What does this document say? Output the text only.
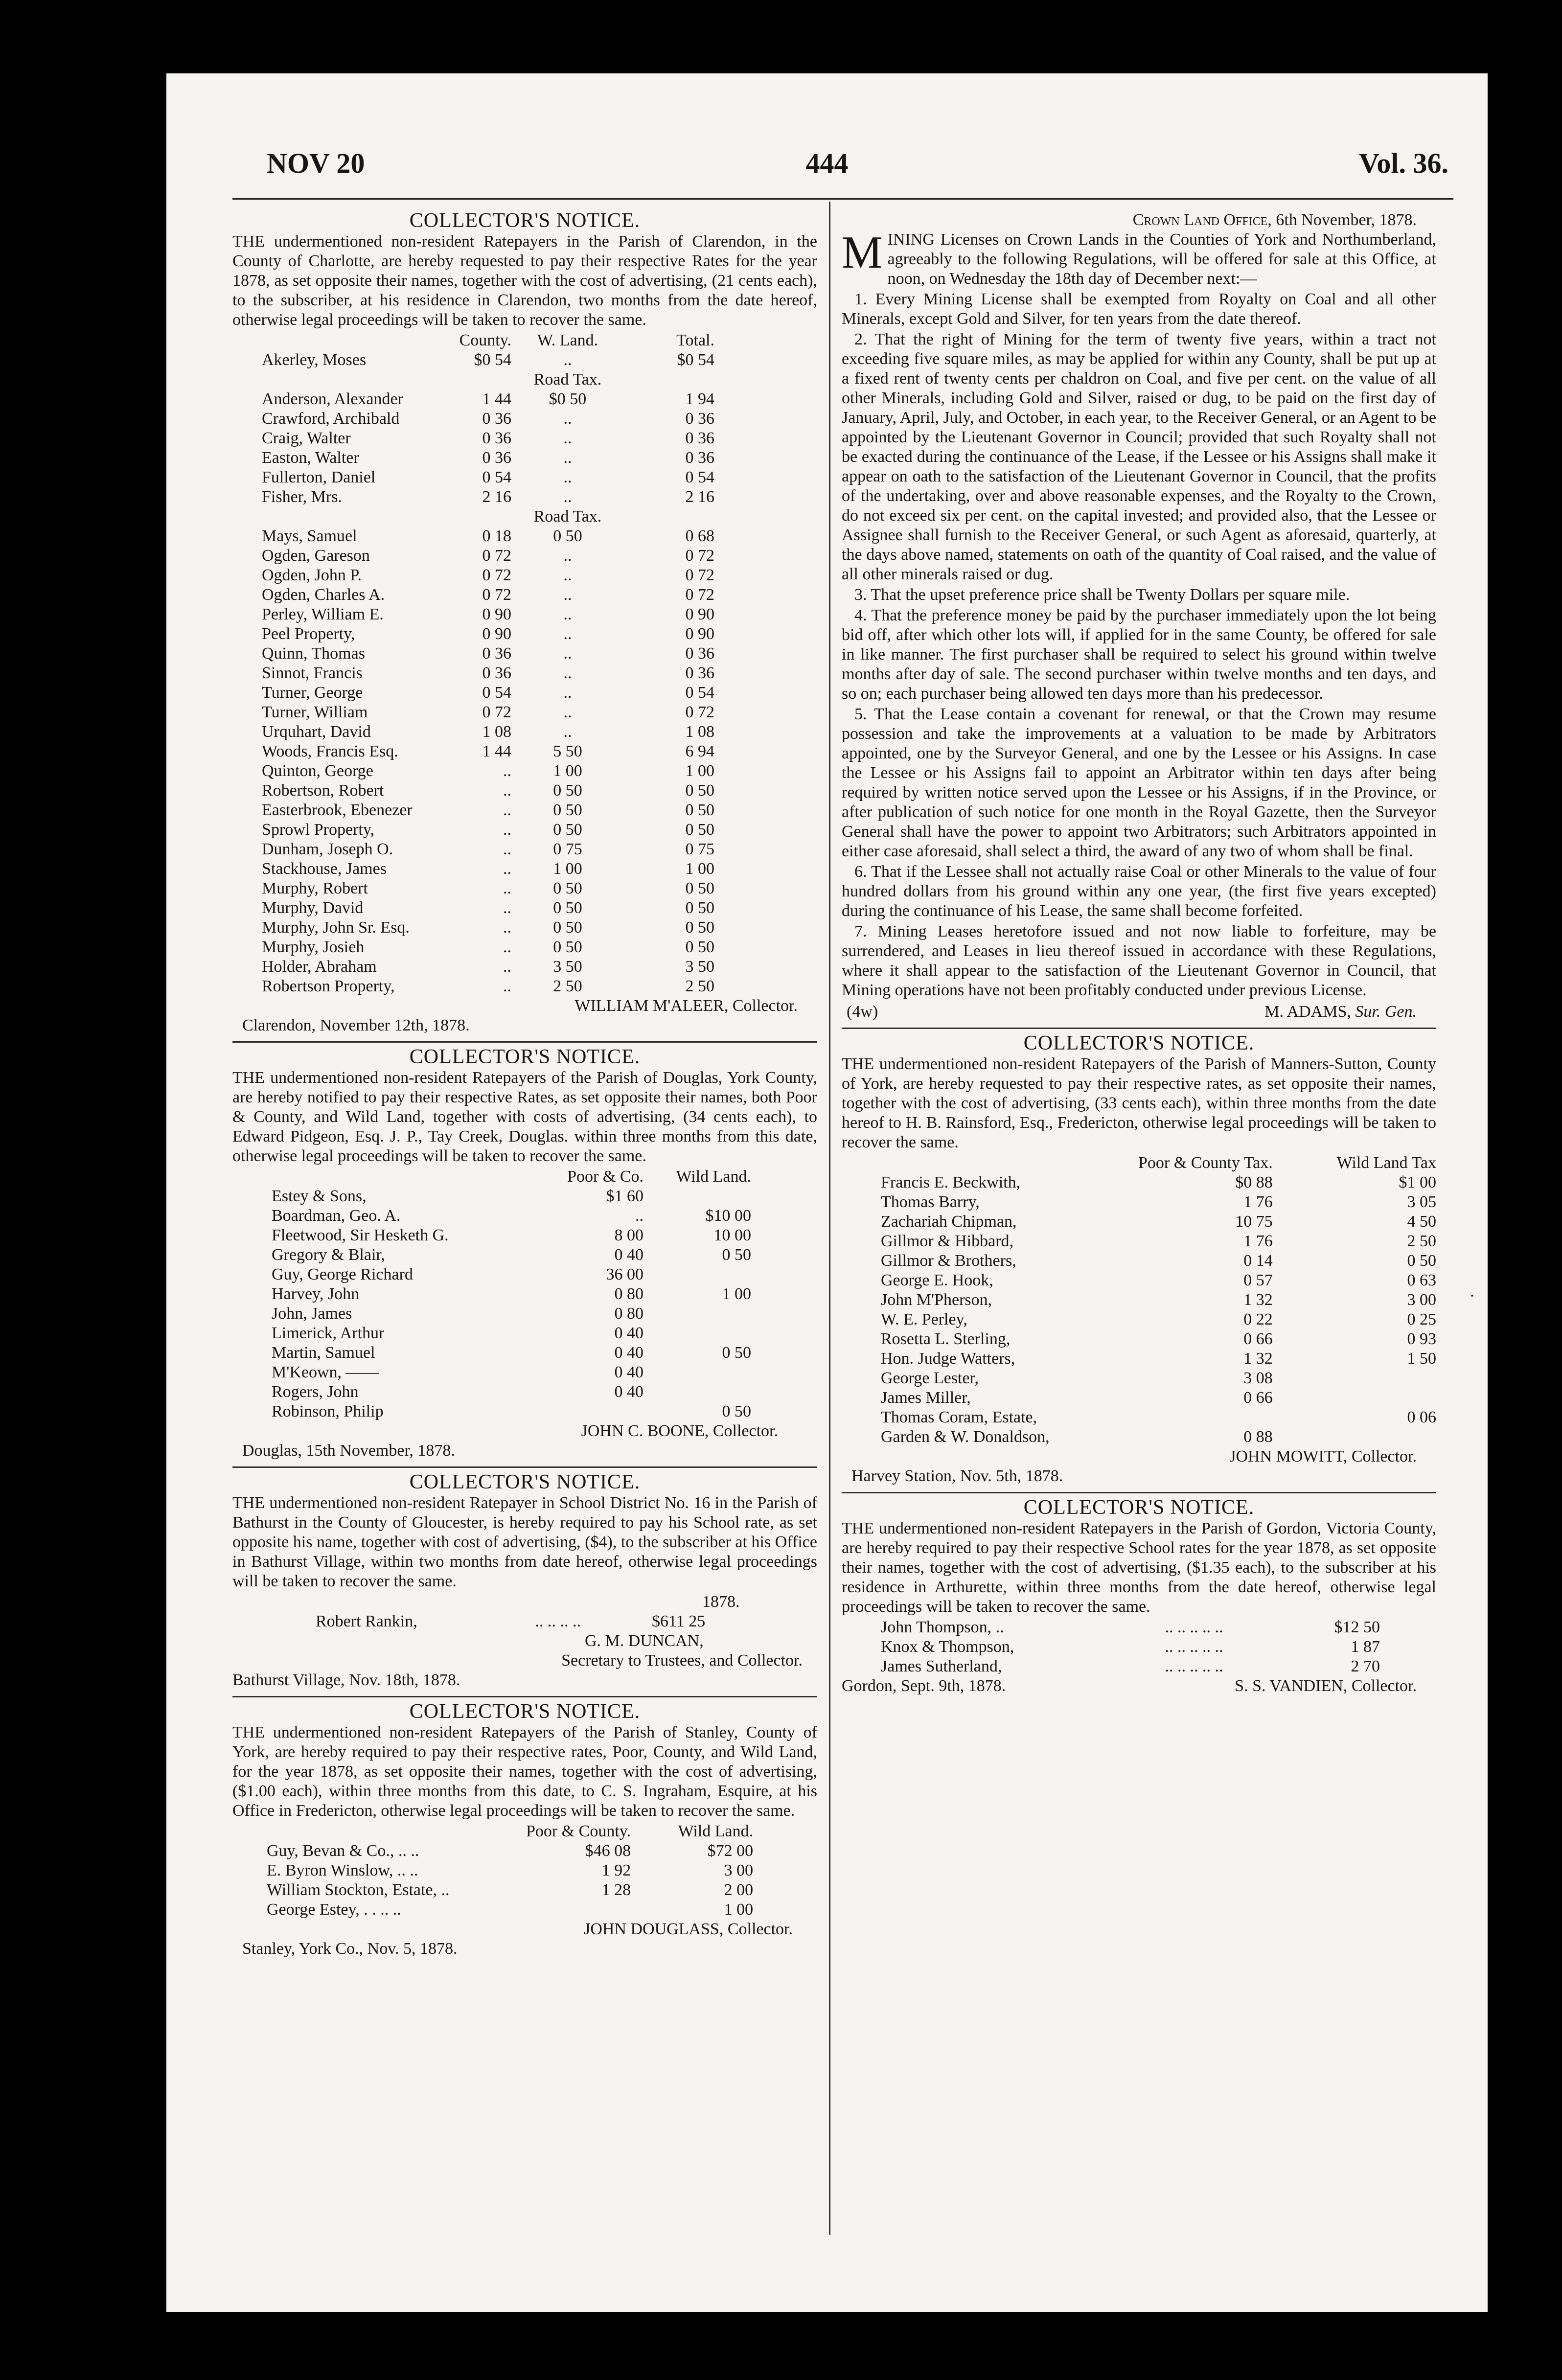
NOV 20	444	Vol. 36.
·
COLLECTOR'S NOTICE.

THE undermentioned non-resident Ratepayers in the Parish of Clarendon, in the County of Charlotte, are hereby requested to pay their respective Rates for the year 1878, as set opposite their names, together with the cost of advertising, (21 cents each), to the subscriber, at his residence in Clarendon, two months from the date hereof, otherwise legal proceedings will be taken to recover the same.

	County.	W. Land.	Total.
Akerley, Moses	$0 54	..	$0 54
		Road Tax.	
Anderson, Alexander	1 44	$0 50	1 94
Crawford, Archibald	0 36	..	0 36
Craig, Walter	0 36	..	0 36
Easton, Walter	0 36	..	0 36
Fullerton, Daniel	0 54	..	0 54
Fisher, Mrs.	2 16	..	2 16
		Road Tax.	
Mays, Samuel	0 18	0 50	0 68
Ogden, Gareson	0 72	..	0 72
Ogden, John P.	0 72	..	0 72
Ogden, Charles A.	0 72	..	0 72
Perley, William E.	0 90	..	0 90
Peel Property,	0 90	..	0 90
Quinn, Thomas	0 36	..	0 36
Sinnot, Francis	0 36	..	0 36
Turner, George	0 54	..	0 54
Turner, William	0 72	..	0 72
Urquhart, David	1 08	..	1 08
Woods, Francis Esq.	1 44	5 50	6 94
Quinton, George	..	1 00	1 00
Robertson, Robert	..	0 50	0 50
Easterbrook, Ebenezer	..	0 50	0 50
Sprowl Property,	..	0 50	0 50
Dunham, Joseph O.	..	0 75	0 75
Stackhouse, James	..	1 00	1 00
Murphy, Robert	..	0 50	0 50
Murphy, David	..	0 50	0 50
Murphy, John Sr. Esq.	..	0 50	0 50
Murphy, Josieh	..	0 50	0 50
Holder, Abraham	..	3 50	3 50
Robertson Property,	..	2 50	2 50
WILLIAM M'ALEER, Collector.
Clarendon, November 12th, 1878.
COLLECTOR'S NOTICE.

THE undermentioned non-resident Ratepayers of the Parish of Douglas, York County, are hereby notified to pay their respective Rates, as set opposite their names, both Poor & County, and Wild Land, together with costs of advertising, (34 cents each), to Edward Pidgeon, Esq. J. P., Tay Creek, Douglas. within three months from this date, otherwise legal proceedings will be taken to recover the same.

	Poor & Co.	Wild Land.	
Estey & Sons,	$1 60		
Boardman, Geo. A.	..	$10 00	
Fleetwood, Sir Hesketh G.	8 00	10 00	
Gregory & Blair,	0 40	0 50	
Guy, George Richard	36 00		
Harvey, John	0 80	1 00	
John, James	0 80		
Limerick, Arthur	0 40		
Martin, Samuel	0 40	0 50	
M'Keown, ——	0 40		
Rogers, John	0 40		
Robinson, Philip		0 50	
JOHN C. BOONE, Collector.
Douglas, 15th November, 1878.
COLLECTOR'S NOTICE.

THE undermentioned non-resident Ratepayer in School District No. 16 in the Parish of Bathurst in the County of Gloucester, is hereby required to pay his School rate, as set opposite his name, together with cost of advertising, ($4), to the subscriber at his Office in Bathurst Village, within two months from date hereof, otherwise legal proceedings will be taken to recover the same.

1878.
Robert Rankin,	.. .. .. ..	$611 25
G. M. DUNCAN,
Secretary to Trustees, and Collector.
Bathurst Village, Nov. 18th, 1878.
COLLECTOR'S NOTICE.

THE undermentioned non-resident Ratepayers of the Parish of Stanley, County of York, are hereby required to pay their respective rates, Poor, County, and Wild Land, for the year 1878, as set opposite their names, together with the cost of advertising, ($1.00 each), within three months from this date, to C. S. Ingraham, Esquire, at his Office in Fredericton, otherwise legal proceedings will be taken to recover the same.

	Poor & County.	Wild Land.	
Guy, Bevan & Co., .. ..	$46 08	$72 00	
E. Byron Winslow, .. ..	1 92	3 00	
William Stockton, Estate, ..	1 28	2 00	
George Estey, . . .. ..		1 00	
JOHN DOUGLASS, Collector.
Stanley, York Co., Nov. 5, 1878.
Crown Land Office, 6th November, 1878.

MINING Licenses on Crown Lands in the Counties of York and Northumberland, agreeably to the following Regulations, will be offered for sale at this Office, at noon, on Wednesday the 18th day of December next:—

1. Every Mining License shall be exempted from Royalty on Coal and all other Minerals, except Gold and Silver, for ten years from the date thereof.

2. That the right of Mining for the term of twenty five years, within a tract not exceeding five square miles, as may be applied for within any County, shall be put up at a fixed rent of twenty cents per chaldron on Coal, and five per cent. on the value of all other Minerals, including Gold and Silver, raised or dug, to be paid on the first day of January, April, July, and October, in each year, to the Receiver General, or an Agent to be appointed by the Lieutenant Governor in Council; provided that such Royalty shall not be exacted during the continuance of the Lease, if the Lessee or his Assigns shall make it appear on oath to the satisfaction of the Lieutenant Governor in Council, that the profits of the undertaking, over and above reasonable expenses, and the Royalty to the Crown, do not exceed six per cent. on the capital invested; and provided also, that the Lessee or Assignee shall furnish to the Receiver General, or such Agent as aforesaid, quarterly, at the days above named, statements on oath of the quantity of Coal raised, and the value of all other minerals raised or dug.

3. That the upset preference price shall be Twenty Dollars per square mile.

4. That the preference money be paid by the purchaser immediately upon the lot being bid off, after which other lots will, if applied for in the same County, be offered for sale in like manner. The first purchaser shall be required to select his ground within twelve months after day of sale. The second purchaser within twelve months and ten days, and so on; each purchaser being allowed ten days more than his predecessor.

5. That the Lease contain a covenant for renewal, or that the Crown may resume possession and take the improvements at a valuation to be made by Arbitrators appointed, one by the Surveyor General, and one by the Lessee or his Assigns. In case the Lessee or his Assigns fail to appoint an Arbitrator within ten days after being required by written notice served upon the Lessee or his Assigns, if in the Province, or after publication of such notice for one month in the Royal Gazette, then the Surveyor General shall have the power to appoint two Arbitrators; such Arbitrators appointed in either case aforesaid, shall select a third, the award of any two of whom shall be final.

6. That if the Lessee shall not actually raise Coal or other Minerals to the value of four hundred dollars from his ground within any one year, (the first five years excepted) during the continuance of his Lease, the same shall become forfeited.

7. Mining Leases heretofore issued and not now liable to forfeiture, may be surrendered, and Leases in lieu thereof issued in accordance with these Regulations, where it shall appear to the satisfaction of the Lieutenant Governor in Council, that Mining operations have not been profitably conducted under previous License.

(4w)	M. ADAMS, Sur. Gen.
COLLECTOR'S NOTICE.

THE undermentioned non-resident Ratepayers of the Parish of Manners-Sutton, County of York, are hereby requested to pay their respective rates, as set opposite their names, together with the cost of advertising, (33 cents each), within three months from the date hereof to H. B. Rainsford, Esq., Fredericton, otherwise legal proceedings will be taken to recover the same.

	Poor & County Tax.	Wild Land Tax	
Francis E. Beckwith,	$0 88	$1 00	
Thomas Barry,	1 76	3 05	
Zachariah Chipman,	10 75	4 50	
Gillmor & Hibbard,	1 76	2 50	
Gillmor & Brothers,	0 14	0 50	
George E. Hook,	0 57	0 63	
John M'Pherson,	1 32	3 00	
W. E. Perley,	0 22	0 25	
Rosetta L. Sterling,	0 66	0 93	
Hon. Judge Watters,	1 32	1 50	
George Lester,	3 08		
James Miller,	0 66		
Thomas Coram, Estate,		0 06	
Garden & W. Donaldson,	0 88		
JOHN MOWITT, Collector.
Harvey Station, Nov. 5th, 1878.
COLLECTOR'S NOTICE.

THE undermentioned non-resident Ratepayers in the Parish of Gordon, Victoria County, are hereby required to pay their respective School rates for the year 1878, as set opposite their names, together with the cost of advertising, ($1.35 each), to the subscriber at his residence in Arthurette, within three months from the date hereof, otherwise legal proceedings will be taken to recover the same.

John Thompson, ..	.. .. .. .. ..	$12 50	
Knox & Thompson,	.. .. .. .. ..	1 87	
James Sutherland,	.. .. .. .. ..	2 70	
Gordon, Sept. 9th, 1878.	S. S. VANDIEN, Collector.
